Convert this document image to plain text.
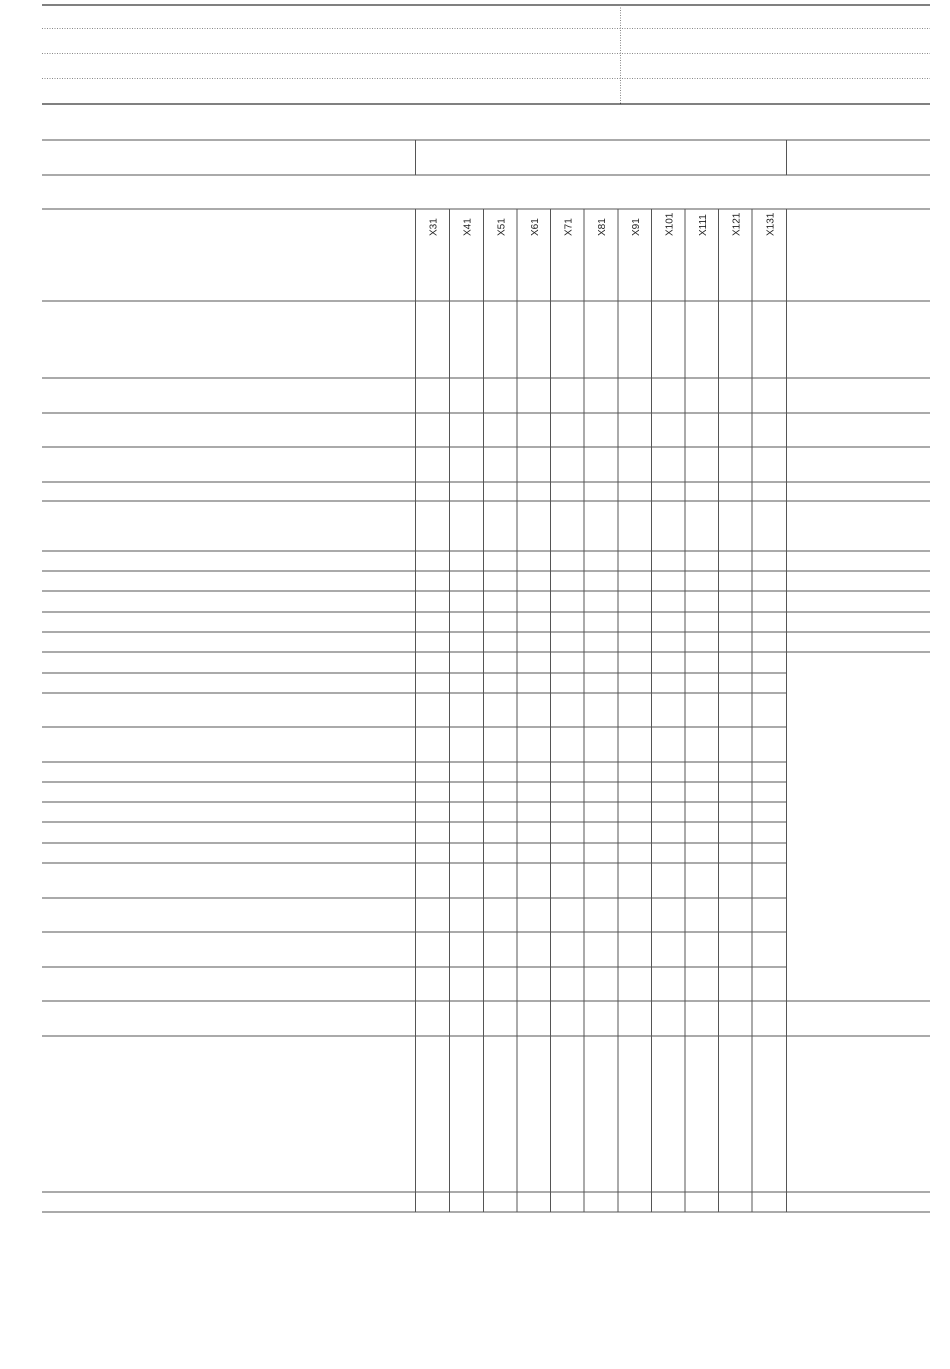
X31 X41 X51 X61 X71 X81 X91 X101 X111 X121 X131
